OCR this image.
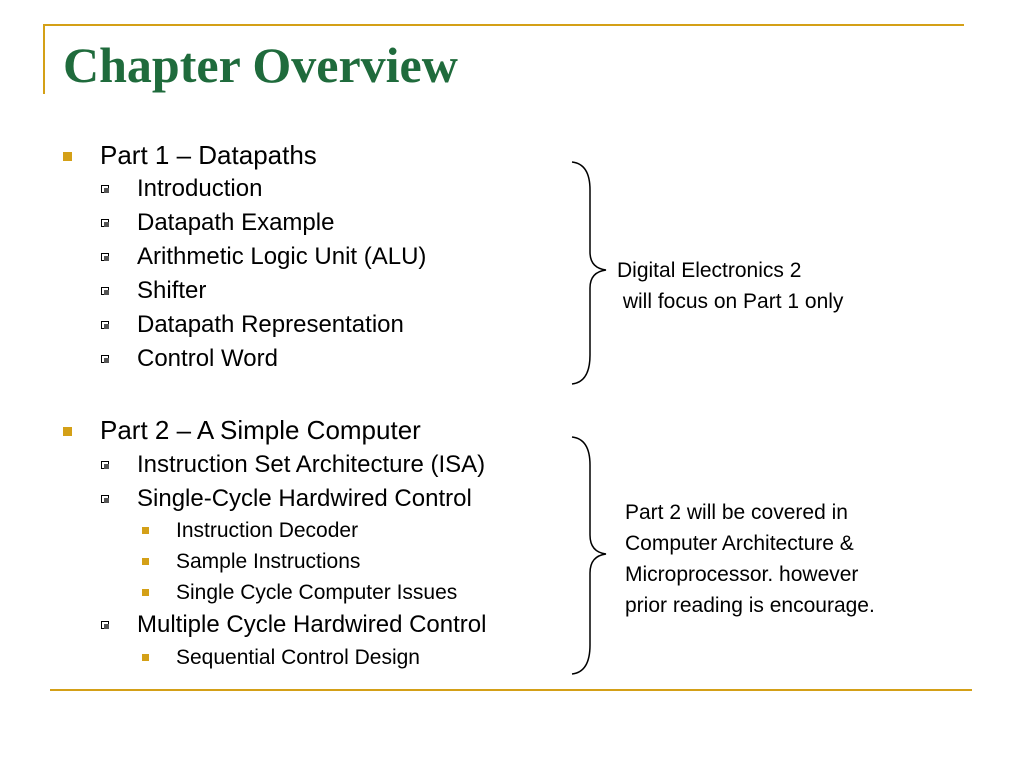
Chapter Overview
Part 1 – Datapaths
Introduction
Datapath Example
Arithmetic Logic Unit (ALU)
Shifter
Datapath Representation
Control Word
Part 2 – A Simple Computer
Instruction Set Architecture (ISA)
Single-Cycle Hardwired Control
Instruction Decoder
Sample Instructions
Single Cycle Computer Issues
Multiple Cycle Hardwired Control
Sequential Control Design
Digital Electronics 2
will focus on Part 1 only
Part 2 will be covered in
Computer Architecture &
Microprocessor. however
prior reading is encourage.
